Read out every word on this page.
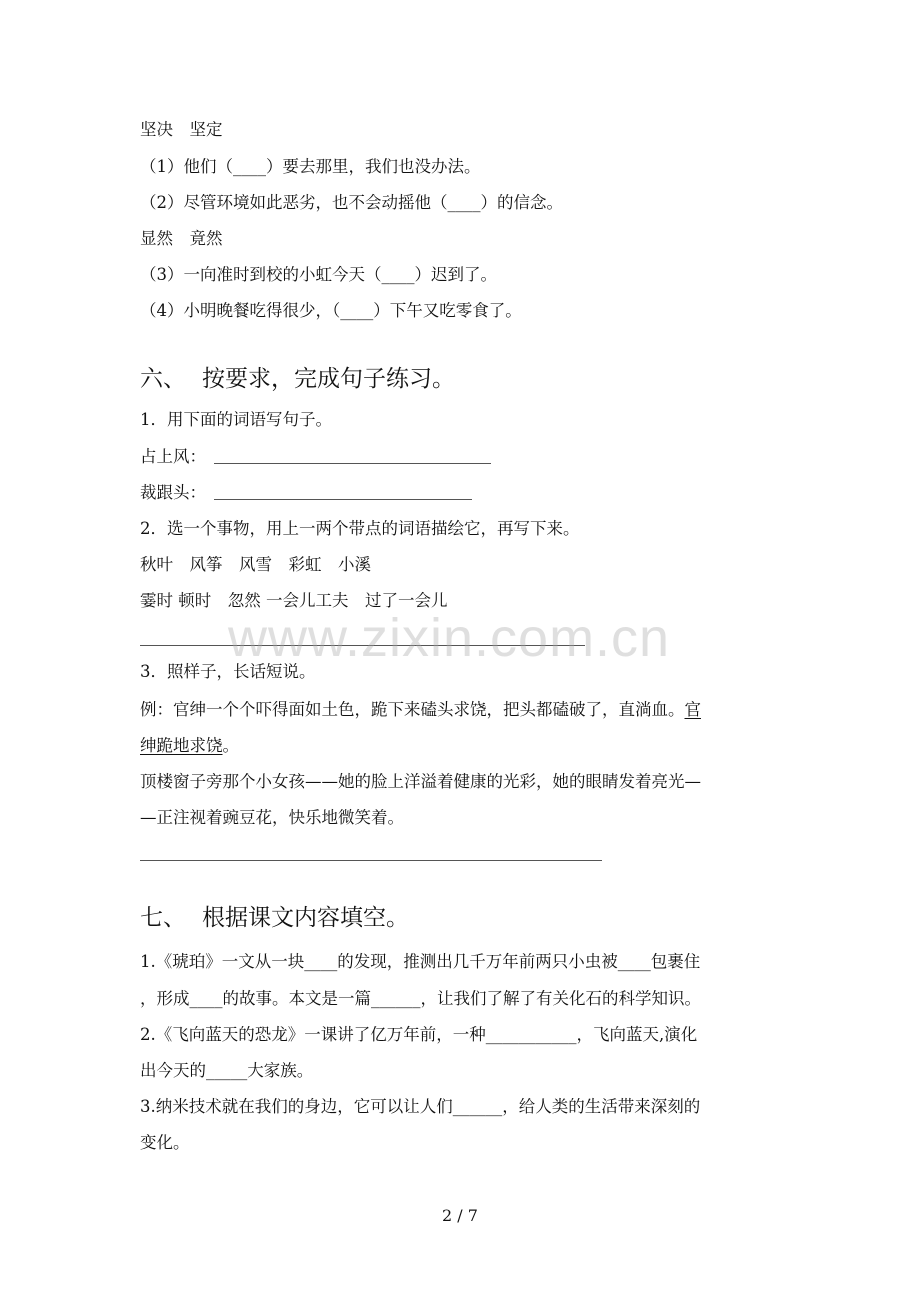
坚决　坚定
（1）他们（____）要去那里，我们也没办法。
（2）尽管环境如此恶劣，也不会动摇他（____）的信念。
显然　竟然
（3）一向准时到校的小虹今天（____）迟到了。
（4）小明晚餐吃得很少，（____）下午又吃零食了。
六、 按要求，完成句子练习。
1．用下面的词语写句子。
占上风：
裁跟头：
2．选一个事物，用上一两个带点的词语描绘它，再写下来。
秋叶　风筝　风雪　彩虹　小溪
霎时 顿时　忽然 一会儿工夫　过了一会儿
3．照样子，长话短说。
例：官绅一个个吓得面如土色，跪下来磕头求饶，把头都磕破了，直淌血。官
绅跪地求饶。
顶楼窗子旁那个小女孩——她的脸上洋溢着健康的光彩，她的眼睛发着亮光—
—正注视着豌豆花，快乐地微笑着。
七、 根据课文内容填空。
1.《琥珀》一文从一块____的发现，推测出几千万年前两只小虫被____包裹住
，形成____的故事。本文是一篇______，让我们了解了有关化石的科学知识。
2.《飞向蓝天的恐龙》一课讲了亿万年前，一种___________，飞向蓝天,演化
出今天的_____大家族。
3.纳米技术就在我们的身边，它可以让人们______，给人类的生活带来深刻的
变化。
www.zixin.com.cn
2 / 7
